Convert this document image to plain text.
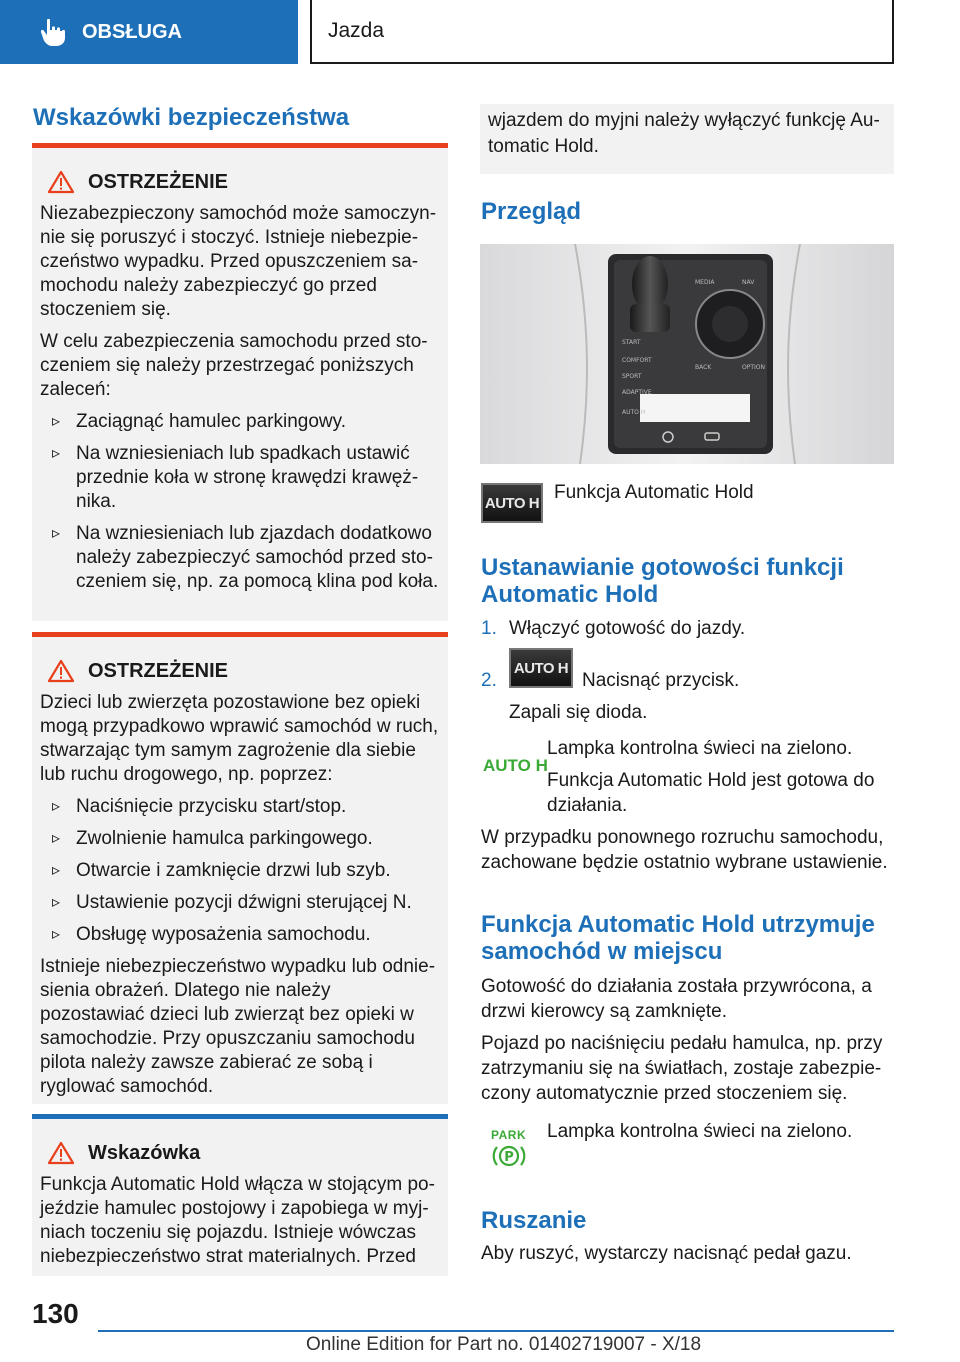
OBSŁUGA	Jazda
Wskazówki bezpieczeństwa
OSTRZEŻENIE

Niezabezpieczony samochód może samoczynnie się poruszyć i stoczyć. Istnieje niebezpieczeństwo wypadku. Przed opuszczeniem samochodu należy zabezpieczyć go przed stoczeniem się.

W celu zabezpieczenia samochodu przed stoczeniem się należy przestrzegać poniższych zaleceń:

▹ Zaciągnąć hamulec parkingowy.
▹ Na wzniesieniach lub spadkach ustawić przednie koła w stronę krawędzi krawężnika.
▹ Na wzniesieniach lub zjazdach dodatkowo należy zabezpieczyć samochód przed stoczeniem się, np. za pomocą klina pod koła.
OSTRZEŻENIE

Dzieci lub zwierzęta pozostawione bez opieki mogą przypadkowo wprawić samochód w ruch, stwarzając tym samym zagrożenie dla siebie lub ruchu drogowego, np. poprzez:

▹ Naciśnięcie przycisku start/stop.
▹ Zwolnienie hamulca parkingowego.
▹ Otwarcie i zamknięcie drzwi lub szyb.
▹ Ustawienie pozycji dźwigni sterującej N.
▹ Obsługę wyposażenia samochodu.

Istnieje niebezpieczeństwo wypadku lub odniesienia obrażeń. Dlatego nie należy pozostawiać dzieci lub zwierząt bez opieki w samochodzie. Przy opuszczaniu samochodu pilota należy zawsze zabierać ze sobą i ryglować samochód.

Wskazówka

Funkcja Automatic Hold włącza w stojącym pojeździe hamulec postojowy i zapobiega w myjniach toczeniu się pojazdu. Istnieje wówczas niebezpieczeństwo strat materialnych. Przed

wjazdem do myjni należy wyłączyć funkcję Automatic Hold.
Przegląd
START
COMFORT
SPORT
ADAPTIVE
AUTO H
MEDIA	NAV
BACK	OPTION
AUTO H Funkcja Automatic Hold
Ustanawianie gotowości funkcji
Automatic Hold
1. Włączyć gotowość do jazdy.
2.
AUTO H
Nacisnąć przycisk.
Zapali się dioda.
AUTO H
Lampka kontrolna świeci na zielono.
Funkcja Automatic Hold jest gotowa do działania.
W przypadku ponownego rozruchu samochodu, zachowane będzie ostatnio wybrane ustawienie.
Funkcja Automatic Hold utrzymuje
samochód w miejscu
Gotowość do działania została przywrócona, a drzwi kierowcy są zamknięte.
Pojazd po naciśnięciu pedału hamulca, np. przy zatrzymaniu się na światłach, zostaje zabezpieczony automatycznie przed stoczeniem się.
PARK
P
Lampka kontrolna świeci na zielono.
Ruszanie
Aby ruszyć, wystarczy nacisnąć pedał gazu.
130
Online Edition for Part no. 01402719007 - X/18
